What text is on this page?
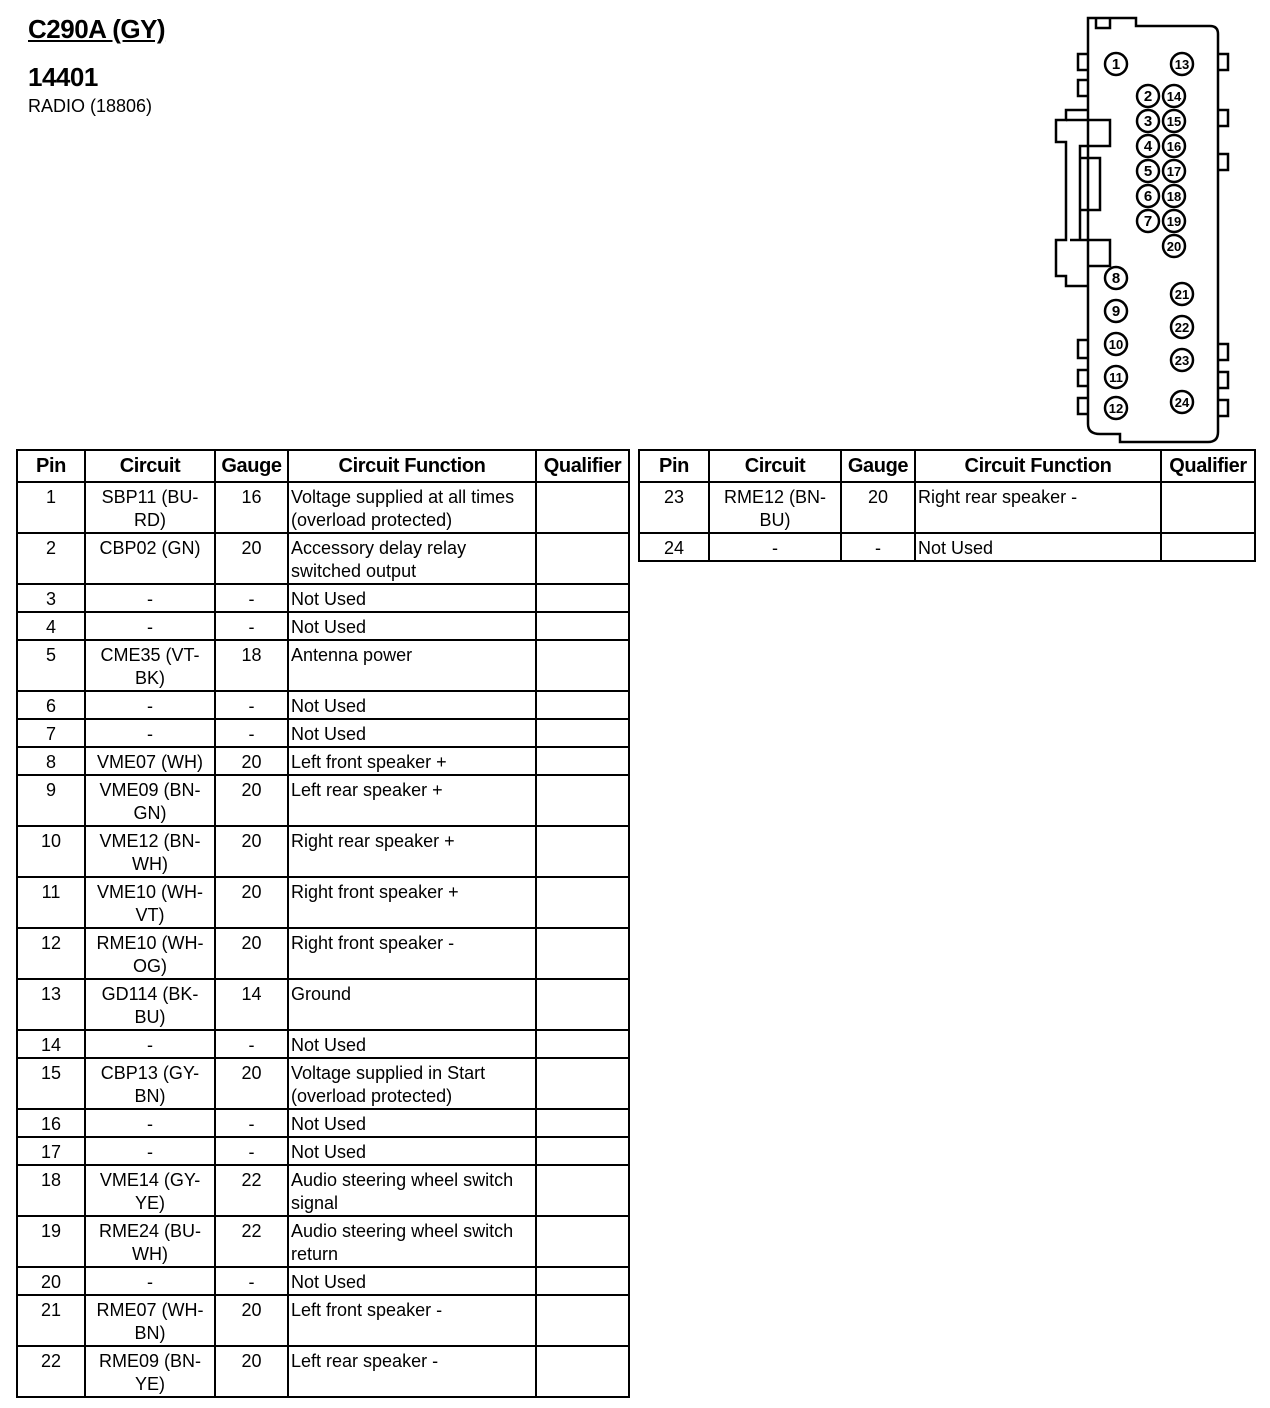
C290A (GY)
14401
RADIO (18806)
1
2
3
4
5
6
7
8
9
10
11
12
13
14
15
16
17
18
19
20
21
22
23
24
Pin	Circuit	Gauge	Circuit Function	Qualifier
1	SBP11 (BU-RD)	16	Voltage supplied at all times (overload protected)	
2	CBP02 (GN)	20	Accessory delay relay switched output	
3	-	-	Not Used	
4	-	-	Not Used	
5	CME35 (VT-BK)	18	Antenna power	
6	-	-	Not Used	
7	-	-	Not Used	
8	VME07 (WH)	20	Left front speaker +	
9	VME09 (BN-GN)	20	Left rear speaker +	
10	VME12 (BN-WH)	20	Right rear speaker +	
11	VME10 (WH-VT)	20	Right front speaker +	
12	RME10 (WH-OG)	20	Right front speaker -	
13	GD114 (BK-BU)	14	Ground	
14	-	-	Not Used	
15	CBP13 (GY-BN)	20	Voltage supplied in Start (overload protected)	
16	-	-	Not Used	
17	-	-	Not Used	
18	VME14 (GY-YE)	22	Audio steering wheel switch signal	
19	RME24 (BU-WH)	22	Audio steering wheel switch return	
20	-	-	Not Used	
21	RME07 (WH-BN)	20	Left front speaker -	
22	RME09 (BN-YE)	20	Left rear speaker -	
Pin	Circuit	Gauge	Circuit Function	Qualifier
23	RME12 (BN-BU)	20	Right rear speaker -	
24	-	-	Not Used	
